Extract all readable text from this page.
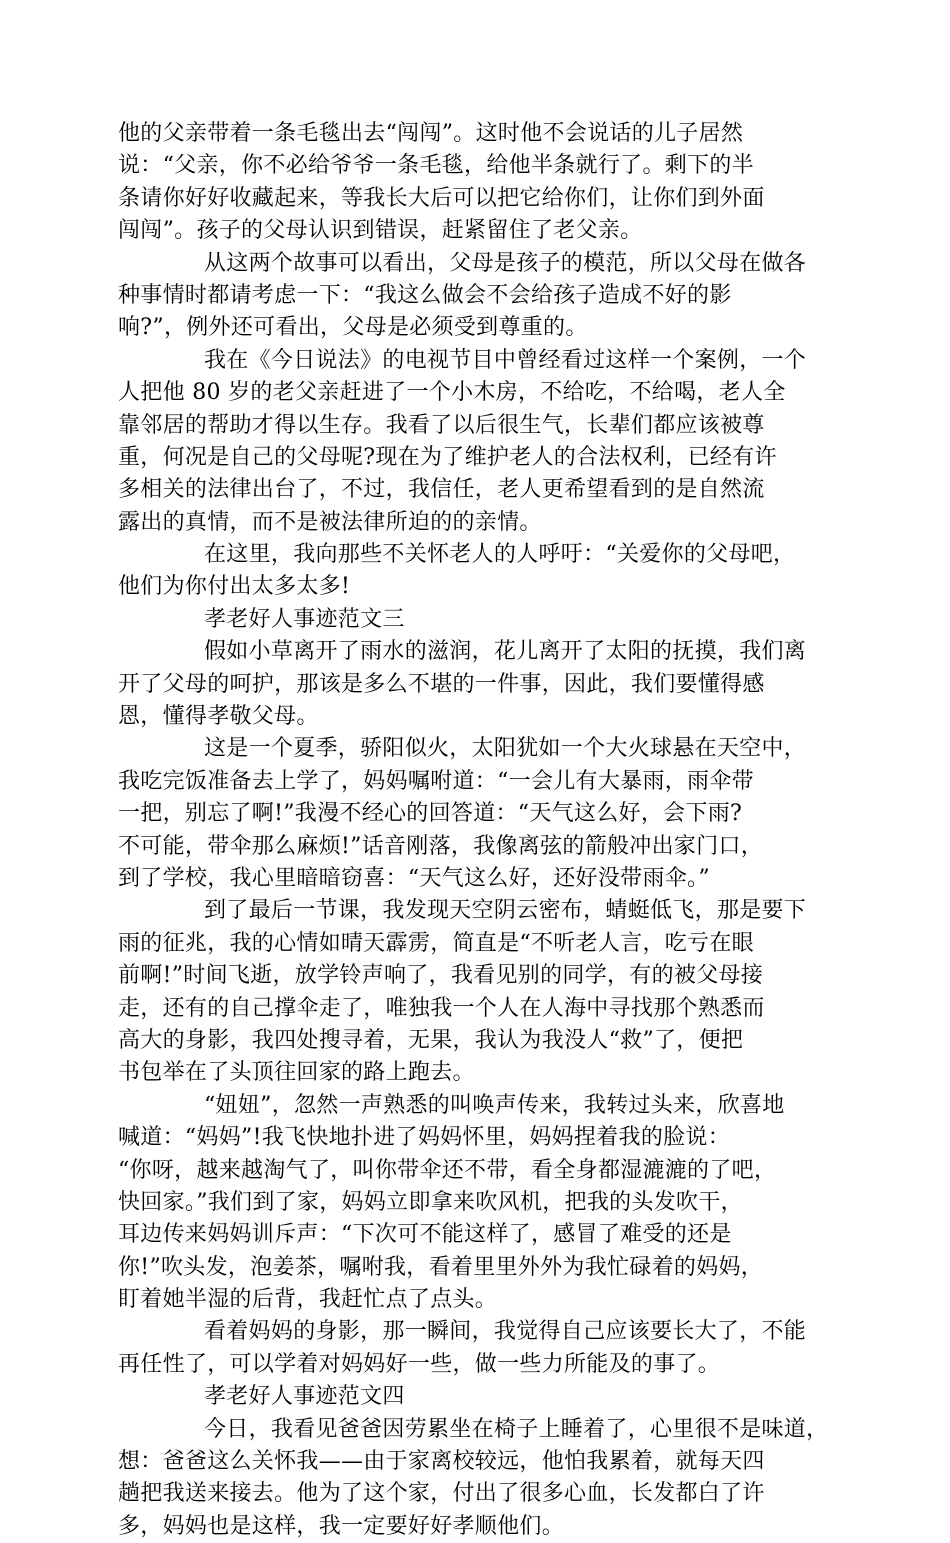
他的父亲带着一条毛毯出去“闯闯”。这时他不会说话的儿子居然
说：“父亲，你不必给爷爷一条毛毯，给他半条就行了。剩下的半
条请你好好收藏起来，等我长大后可以把它给你们，让你们到外面
闯闯”。孩子的父母认识到错误，赶紧留住了老父亲。
从这两个故事可以看出，父母是孩子的模范，所以父母在做各
种事情时都请考虑一下：“我这么做会不会给孩子造成不好的影
响?”，例外还可看出，父母是必须受到尊重的。
我在《今日说法》的电视节目中曾经看过这样一个案例，一个
人把他 80 岁的老父亲赶进了一个小木房，不给吃，不给喝，老人全
靠邻居的帮助才得以生存。我看了以后很生气，长辈们都应该被尊
重，何况是自己的父母呢?现在为了维护老人的合法权利，已经有许
多相关的法律出台了，不过，我信任，老人更希望看到的是自然流
露出的真情，而不是被法律所迫的的亲情。
在这里，我向那些不关怀老人的人呼吁：“关爱你的父母吧，
他们为你付出太多太多!
孝老好人事迹范文三
假如小草离开了雨水的滋润，花儿离开了太阳的抚摸，我们离
开了父母的呵护，那该是多么不堪的一件事，因此，我们要懂得感
恩，懂得孝敬父母。
这是一个夏季，骄阳似火，太阳犹如一个大火球悬在天空中，
我吃完饭准备去上学了，妈妈嘱咐道：“一会儿有大暴雨，雨伞带
一把，别忘了啊!”我漫不经心的回答道：“天气这么好，会下雨?
不可能，带伞那么麻烦!”话音刚落，我像离弦的箭般冲出家门口，
到了学校，我心里暗暗窃喜：“天气这么好，还好没带雨伞。”
到了最后一节课，我发现天空阴云密布，蜻蜓低飞，那是要下
雨的征兆，我的心情如晴天霹雳，简直是“不听老人言，吃亏在眼
前啊!”时间飞逝，放学铃声响了，我看见别的同学，有的被父母接
走，还有的自己撑伞走了，唯独我一个人在人海中寻找那个熟悉而
高大的身影，我四处搜寻着，无果，我认为我没人“救”了，便把
书包举在了头顶往回家的路上跑去。
“妞妞”，忽然一声熟悉的叫唤声传来，我转过头来，欣喜地
喊道：“妈妈”!我飞快地扑进了妈妈怀里，妈妈捏着我的脸说：
“你呀，越来越淘气了，叫你带伞还不带，看全身都湿漉漉的了吧，
快回家。”我们到了家，妈妈立即拿来吹风机，把我的头发吹干，
耳边传来妈妈训斥声：“下次可不能这样了，感冒了难受的还是
你!”吹头发，泡姜茶，嘱咐我，看着里里外外为我忙碌着的妈妈，
盯着她半湿的后背，我赶忙点了点头。
看着妈妈的身影，那一瞬间，我觉得自己应该要长大了，不能
再任性了，可以学着对妈妈好一些，做一些力所能及的事了。
孝老好人事迹范文四
今日，我看见爸爸因劳累坐在椅子上睡着了，心里很不是味道，
想：爸爸这么关怀我——由于家离校较远，他怕我累着，就每天四
趟把我送来接去。他为了这个家，付出了很多心血，长发都白了许
多，妈妈也是这样，我一定要好好孝顺他们。
